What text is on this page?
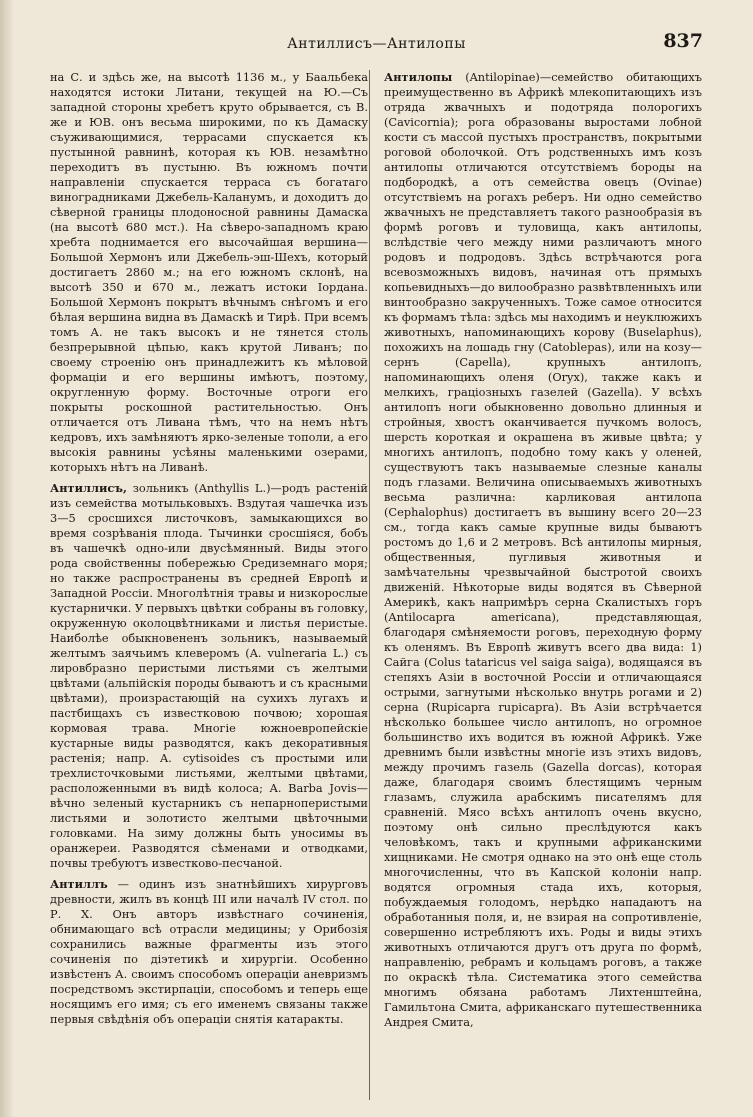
Антиллисъ—Антилопы	837

на С. и здѣсь же, на высотѣ 1136 м., у Баальбека находятся истоки Литани, текущей на Ю.—Съ западной стороны хребетъ круто обрывается, съ В. же и ЮВ. онъ весьма широкими, по къ Дамаску съуживающимися, террасами спускается къ пустынной равнинѣ, которая къ ЮВ. незамѣтно переходитъ въ пустыню. Въ южномъ почти направленіи спускается терраса съ богатаго виноградниками Джебель-Каланумъ, и доходитъ до сѣверной границы плодоносной равнины Дамаска (на высотѣ 680 мст.). На сѣверо-западномъ краю хребта поднимается его высочайшая вершина—Большой Хермонъ или Джебель-эш-Шехъ, который достигаетъ 2860 м.; на его южномъ склонѣ, на высотѣ 350 и 670 м., лежатъ истоки Іордана. Большой Хермонъ покрытъ вѣчнымъ снѣгомъ и его бѣлая вершина видна въ Дамаскѣ и Тирѣ. При всемъ томъ А. не такъ высокъ и не тянется столь безпрерывной цѣпью, какъ крутой Ливанъ; по своему строенію онъ принадлежитъ къ мѣловой формаціи и его вершины имѣютъ, поэтому, округленную форму. Восточные отроги его покрыты роскошной растительностью. Онъ отличается отъ Ливана тѣмъ, что на немъ нѣтъ кедровъ, ихъ замѣняютъ ярко-зеленые тополи, а его высокія равнины усѣяны маленькими озерами, которыхъ нѣтъ на Ливанѣ.

Антиллисъ, зольникъ (Anthyllis L.)—родъ растеній изъ семейства мотыльковыхъ. Вздутая чашечка изъ 3—5 сросшихся листочковъ, замыкающихся во время созрѣванія плода. Тычинки сросшіяся, бобъ въ чашечкѣ одно-или двусѣмянный. Виды этого рода свойственны побережью Средиземнаго моря; но также распространены въ средней Европѣ и Западной Россіи. Многолѣтнія травы и низкорослые кустарнички. У первыхъ цвѣтки собраны въ головку, окруженную околоцвѣтниками и листья перистые. Наиболѣе обыкновененъ зольникъ, называемый желтымъ заячьимъ клеверомъ (A. vulneraria L.) съ лировбразно перистыми листьями съ желтыми цвѣтами (альпійскія породы бываютъ и съ красными цвѣтами), произрастающій на сухихъ лугахъ и пастбищахъ съ известковою почвою; хорошая кормовая трава. Многіе южноевропейскіе кустарные виды разводятся, какъ декоративныя растенія; напр. A. cytisoides съ простыми или трехлисточковыми листьями, желтыми цвѣтами, расположенными въ видѣ колоса; A. Barba Jovis—вѣчно зеленый кустарникъ съ непарноперистыми листьями и золотисто желтыми цвѣточными головками. На зиму должны быть уносимы въ оранжереи. Разводятся сѣменами и отводками, почвы требуютъ известково-песчаной.

Антиллъ — одинъ изъ знатнѣйшихъ хирурговъ древности, жилъ въ концѣ III или началѣ IV стол. по Р. Х. Онъ авторъ извѣстнаго сочиненія, обнимающаго всѣ отрасли медицины; у Орибозія сохранились важные фрагменты изъ этого сочиненія по діэтетикѣ и хирургіи. Особенно извѣстенъ А. своимъ способомъ операціи аневризмъ посредствомъ экстирпаціи, способомъ и теперь еще носящимъ его имя; съ его именемъ связаны также первыя свѣдѣнія объ операціи снятія катаракты.

Антилопы (Antilopinae)—семейство обитающихъ преимущественно въ Африкѣ млекопитающихъ изъ отряда жвачныхъ и подотряда полорогихъ (Cavicornia); рога образованы выростами лобной кости съ массой пустыхъ пространствъ, покрытыми роговой оболочкой. Отъ родственныхъ имъ козъ антилопы отличаются отсутствіемъ бороды на подбородкѣ, а отъ семейства овецъ (Ovinae) отсутствіемъ на рогахъ реберъ. Ни одно семейство жвачныхъ не представляетъ такого разнообразія въ формѣ роговъ и туловища, какъ антилопы, вслѣдствіе чего между ними различаютъ много родовъ и подродовъ. Здѣсь встрѣчаются рога всевозможныхъ видовъ, начиная отъ прямыхъ копьевидныхъ—до вилообразно развѣтвленныхъ или винтообразно закрученныхъ. Тоже самое относится къ формамъ тѣла: здѣсь мы находимъ и неуклюжихъ животныхъ, напоминающихъ корову (Buselaphus), похожихъ на лошадь гну (Catoblepas), или на козу—сернъ (Capella), крупныхъ антилопъ, напоминающихъ оленя (Oryx), также какъ и мелкихъ, граціозныхъ газелей (Gazella). У всѣхъ антилопъ ноги обыкновенно довольно длинныя и стройныя, хвостъ оканчивается пучкомъ волосъ, шерсть короткая и окрашена въ живые цвѣта; у многихъ антилопъ, подобно тому какъ у оленей, существуютъ такъ называемые слезные каналы подъ глазами. Величина описываемыхъ животныхъ весьма различна: карликовая антилопа (Cephalophus) достигаетъ въ вышину всего 20—23 см., тогда какъ самые крупные виды бываютъ ростомъ до 1,6 и 2 метровъ. Всѣ антилопы мирныя, общественныя, пугливыя животныя и замѣчательны чрезвычайной быстротой своихъ движеній. Нѣкоторые виды водятся въ Сѣверной Америкѣ, какъ напримѣръ серна Скалистыхъ горъ (Antilocapra americana), представляющая, благодаря смѣняемости роговъ, переходную форму къ оленямъ. Въ Европѣ живутъ всего два вида: 1) Сайга (Colus tataricus vel saiga saiga), водящаяся въ степяхъ Азіи в восточной Россіи и отличающаяся острыми, загнутыми нѣсколько внутрь рогами и 2) серна (Rupicapra rupicapra). Въ Азіи встрѣчается нѣсколько большее число антилопъ, но огромное большинство ихъ водится въ южной Африкѣ. Уже древнимъ были извѣстны многіе изъ этихъ видовъ, между прочимъ газель (Gazella dorcas), которая даже, благодаря своимъ блестящимъ черным глазамъ, служила арабскимъ писателямъ для сравненій. Мясо всѣхъ антилопъ очень вкусно, поэтому онѣ сильно преслѣдуются какъ человѣкомъ, такъ и крупными африканскими хищниками. Не смотря однако на это онѣ еще столь многочисленны, что въ Капской колоніи напр. водятся огромныя стада ихъ, которыя, побуждаемыя голодомъ, нерѣдко нападаютъ на обработанныя поля, и, не взирая на сопротивленіе, совершенно истребляютъ ихъ. Роды и виды этихъ животныхъ отличаются другъ отъ друга по формѣ, направленію, ребрамъ и кольцамъ роговъ, а также по окраскѣ тѣла. Систематика этого семейства многимъ обязана работамъ Лихтенштейна, Гамильтона Смита, африканскаго путешественника Андрея Смита,
